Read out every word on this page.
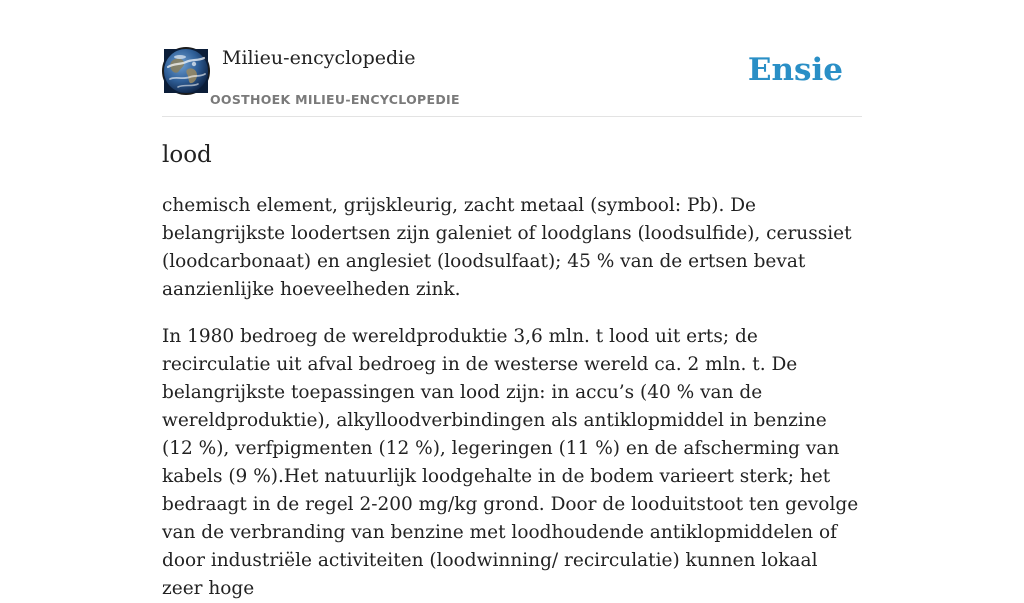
Milieu-encyclopedie
OOSTHOEK MILIEU-ENCYCLOPEDIE
Ensie
lood

chemisch element, grijskleurig, zacht metaal (symbool: Pb). De belangrijkste loodertsen zijn galeniet of loodglans (loodsulfide), cerussiet (loodcarbonaat) en anglesiet (loodsulfaat); 45 % van de ertsen bevat aanzienlijke hoeveelheden zink.

In 1980 bedroeg de wereldproduktie 3,6 mln. t lood uit erts; de recirculatie uit afval bedroeg in de westerse wereld ca. 2 mln. t. De belangrijkste toepassingen van lood zijn: in accu’s (40 % van de wereldproduktie), alkylloodverbindingen als antiklopmiddel in benzine (12 %), verfpigmenten (12 %), legeringen (11 %) en de afscherming van kabels (9 %).Het natuurlijk loodgehalte in de bodem varieert sterk; het bedraagt in de regel 2-200 mg/kg grond. Door de looduitstoot ten gevolge van de verbranding van benzine met loodhoudende antiklopmiddelen of door industriële activiteiten (loodwinning/ recirculatie) kunnen lokaal zeer hoge
